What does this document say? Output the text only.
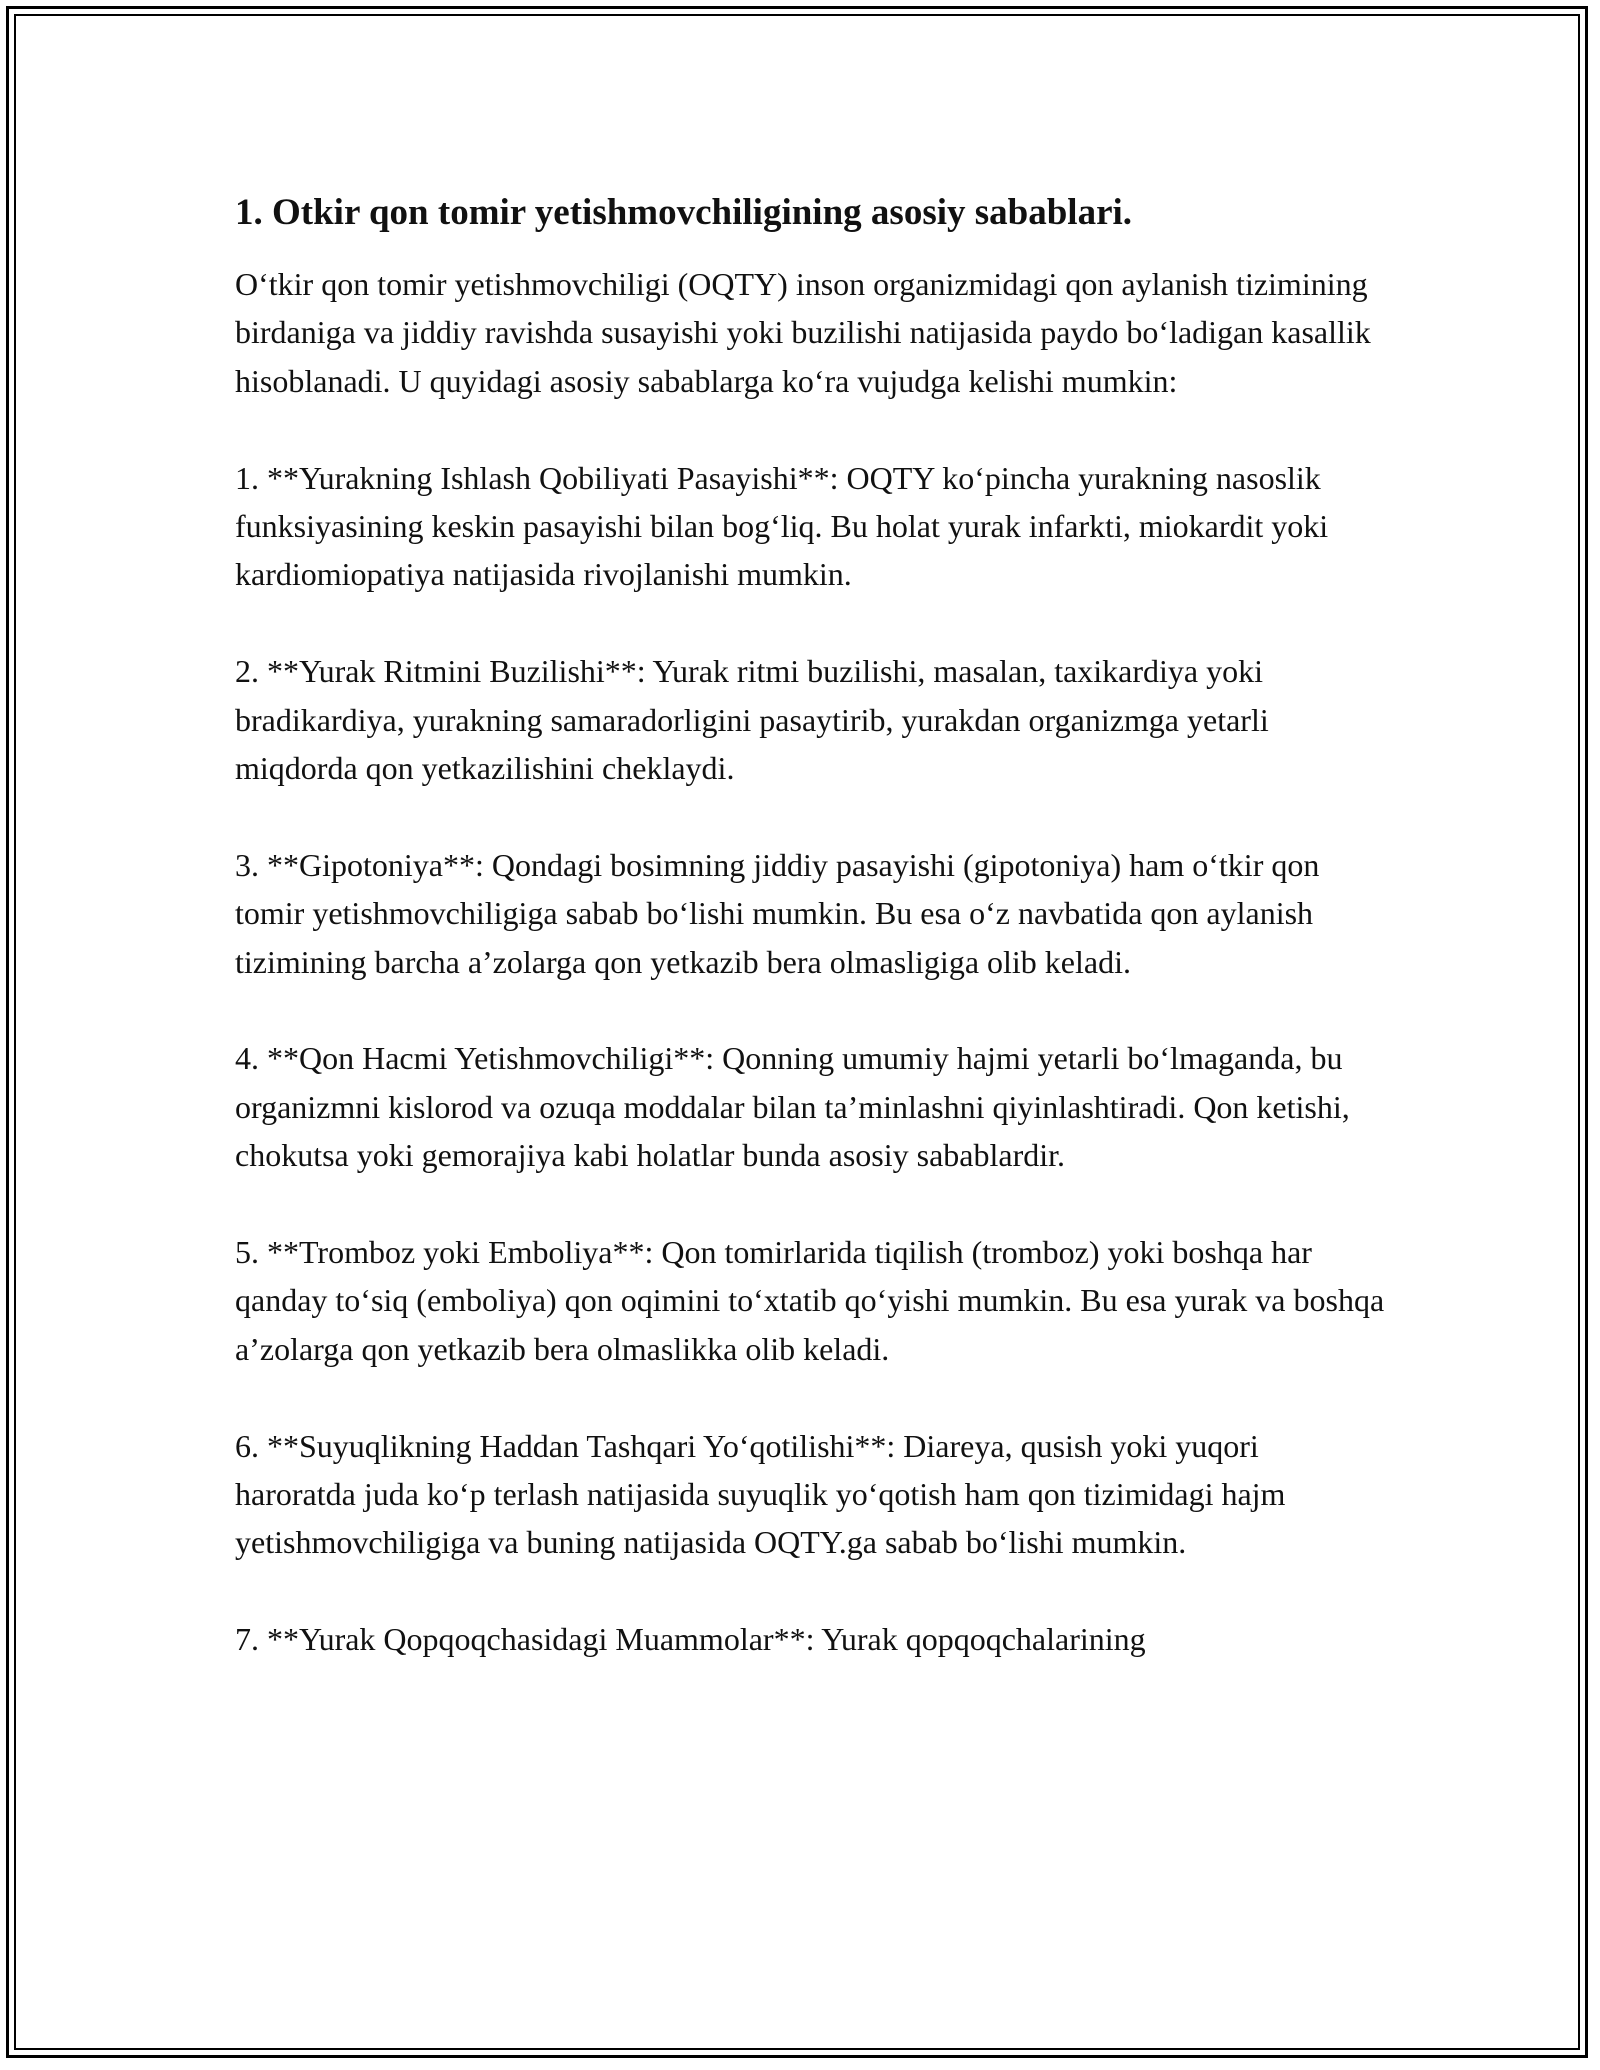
1. Otkir qon tomir yetishmovchiligining asosiy sabablari.

O‘tkir qon tomir yetishmovchiligi (OQTY) inson organizmidagi qon aylanish tizimining birdaniga va jiddiy ravishda susayishi yoki buzilishi natijasida paydo bo‘ladigan kasallik hisoblanadi. U quyidagi asosiy sabablarga ko‘ra vujudga kelishi mumkin:

1. **Yurakning Ishlash Qobiliyati Pasayishi**: OQTY ko‘pincha yurakning nasoslik funksiyasining keskin pasayishi bilan bog‘liq. Bu holat yurak infarkti, miokardit yoki kardiomiopatiya natijasida rivojlanishi mumkin.

2. **Yurak Ritmini Buzilishi**: Yurak ritmi buzilishi, masalan, taxikardiya yoki bradikardiya, yurakning samaradorligini pasaytirib, yurakdan organizmga yetarli miqdorda qon yetkazilishini cheklaydi.

3. **Gipotoniya**: Qondagi bosimning jiddiy pasayishi (gipotoniya) ham o‘tkir qon tomir yetishmovchiligiga sabab bo‘lishi mumkin. Bu esa o‘z navbatida qon aylanish tizimining barcha a’zolarga qon yetkazib bera olmasligiga olib keladi.

4. **Qon Hacmi Yetishmovchiligi**: Qonning umumiy hajmi yetarli bo‘lmaganda, bu organizmni kislorod va ozuqa moddalar bilan ta’minlashni qiyinlashtiradi. Qon ketishi, chokutsa yoki gemorajiya kabi holatlar bunda asosiy sabablardir.

5. **Tromboz yoki Emboliya**: Qon tomirlarida tiqilish (tromboz) yoki boshqa har qanday to‘siq (emboliya) qon oqimini to‘xtatib qo‘yishi mumkin. Bu esa yurak va boshqa a’zolarga qon yetkazib bera olmaslikka olib keladi.

6. **Suyuqlikning Haddan Tashqari Yo‘qotilishi**: Diareya, qusish yoki yuqori haroratda juda ko‘p terlash natijasida suyuqlik yo‘qotish ham qon tizimidagi hajm yetishmovchiligiga va buning natijasida OQTY.ga sabab bo‘lishi mumkin.

7. **Yurak Qopqoqchasidagi Muammolar**: Yurak qopqoqchalarining
